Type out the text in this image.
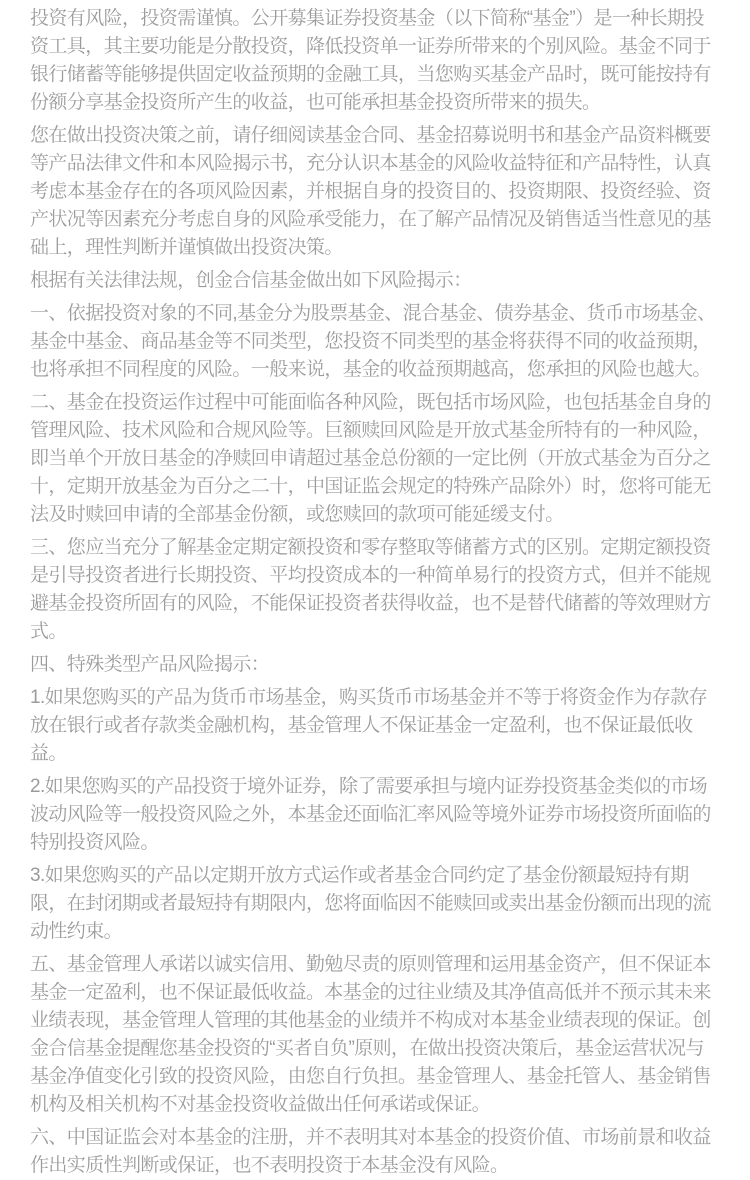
投资有风险，投资需谨慎。公开募集证券投资基金（以下简称“基金”）是一种长期投资工具，其主要功能是分散投资，降低投资单一证券所带来的个别风险。基金不同于银行储蓄等能够提供固定收益预期的金融工具，当您购买基金产品时，既可能按持有份额分享基金投资所产生的收益，也可能承担基金投资所带来的损失。

您在做出投资决策之前，请仔细阅读基金合同、基金招募说明书和基金产品资料概要等产品法律文件和本风险揭示书，充分认识本基金的风险收益特征和产品特性，认真考虑本基金存在的各项风险因素，并根据自身的投资目的、投资期限、投资经验、资产状况等因素充分考虑自身的风险承受能力，在了解产品情况及销售适当性意见的基础上，理性判断并谨慎做出投资决策。

根据有关法律法规，创金合信基金做出如下风险揭示：

一、依据投资对象的不同,基金分为股票基金、混合基金、债券基金、货币市场基金、基金中基金、商品基金等不同类型，您投资不同类型的基金将获得不同的收益预期，也将承担不同程度的风险。一般来说，基金的收益预期越高，您承担的风险也越大。

二、基金在投资运作过程中可能面临各种风险，既包括市场风险，也包括基金自身的管理风险、技术风险和合规风险等。巨额赎回风险是开放式基金所特有的一种风险，即当单个开放日基金的净赎回申请超过基金总份额的一定比例（开放式基金为百分之十，定期开放基金为百分之二十，中国证监会规定的特殊产品除外）时，您将可能无法及时赎回申请的全部基金份额，或您赎回的款项可能延缓支付。

三、您应当充分了解基金定期定额投资和零存整取等储蓄方式的区别。定期定额投资是引导投资者进行长期投资、平均投资成本的一种简单易行的投资方式，但并不能规避基金投资所固有的风险，不能保证投资者获得收益，也不是替代储蓄的等效理财方式。

四、特殊类型产品风险揭示：

1.如果您购买的产品为货币市场基金，购买货币市场基金并不等于将资金作为存款存放在银行或者存款类金融机构，基金管理人不保证基金一定盈利，也不保证最低收益。

2.如果您购买的产品投资于境外证券，除了需要承担与境内证券投资基金类似的市场波动风险等一般投资风险之外，本基金还面临汇率风险等境外证券市场投资所面临的特别投资风险。

3.如果您购买的产品以定期开放方式运作或者基金合同约定了基金份额最短持有期限，在封闭期或者最短持有期限内，您将面临因不能赎回或卖出基金份额而出现的流动性约束。

五、基金管理人承诺以诚实信用、勤勉尽责的原则管理和运用基金资产，但不保证本基金一定盈利，也不保证最低收益。本基金的过往业绩及其净值高低并不预示其未来业绩表现，基金管理人管理的其他基金的业绩并不构成对本基金业绩表现的保证。创金合信基金提醒您基金投资的“买者自负”原则，在做出投资决策后，基金运营状况与基金净值变化引致的投资风险，由您自行负担。基金管理人、基金托管人、基金销售机构及相关机构不对基金投资收益做出任何承诺或保证。

六、中国证监会对本基金的注册，并不表明其对本基金的投资价值、市场前景和收益作出实质性判断或保证，也不表明投资于本基金没有风险。
